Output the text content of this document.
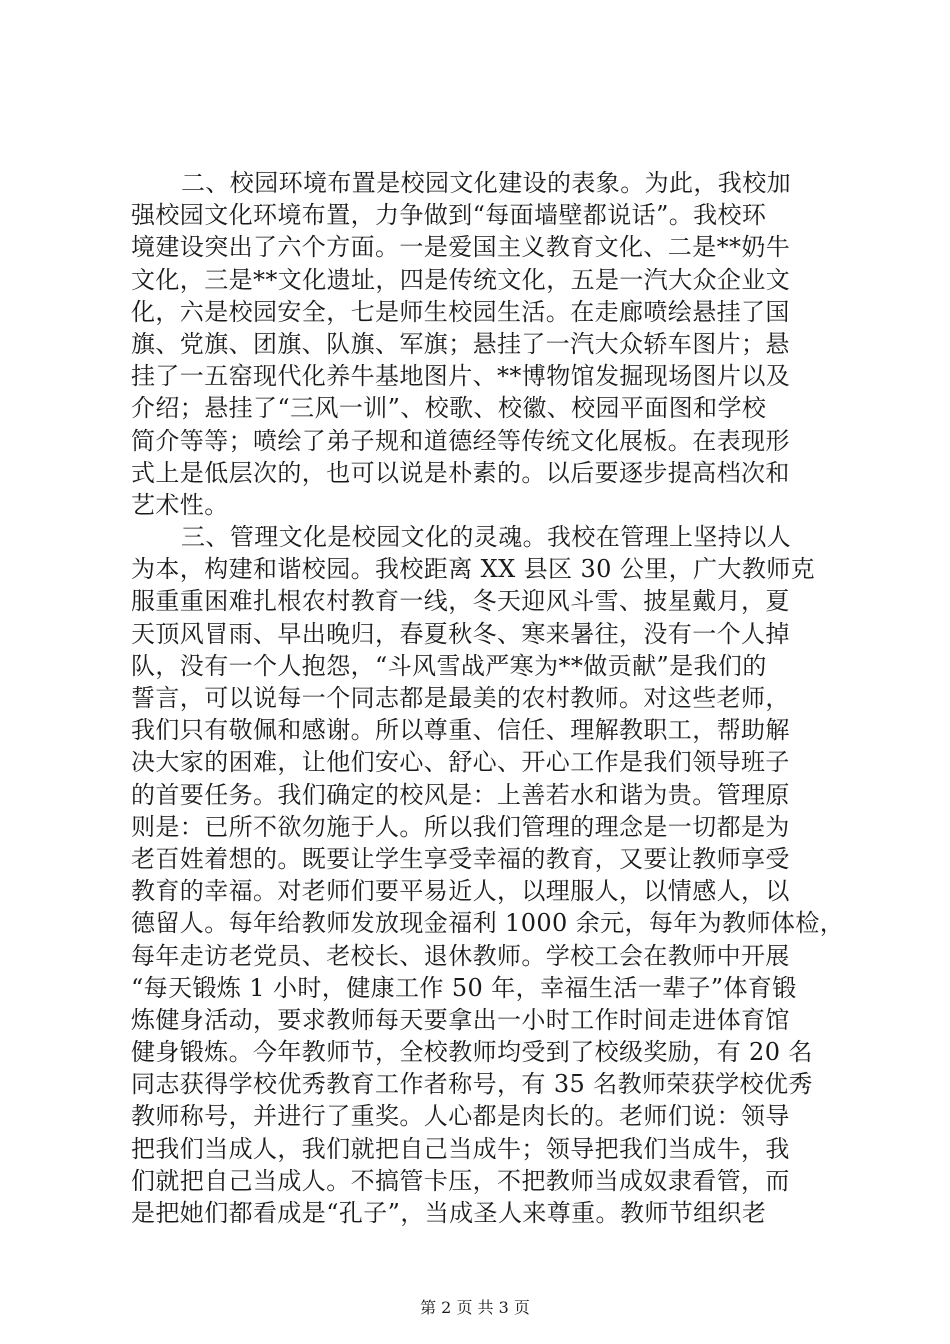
二、校园环境布置是校园文化建设的表象。为此，我校加
强校园文化环境布置，力争做到“每面墙壁都说话”。我校环
境建设突出了六个方面。一是爱国主义教育文化、二是**奶牛
文化，三是**文化遗址，四是传统文化，五是一汽大众企业文
化，六是校园安全，七是师生校园生活。在走廊喷绘悬挂了国
旗、党旗、团旗、队旗、军旗；悬挂了一汽大众轿车图片；悬
挂了一五窑现代化养牛基地图片、**博物馆发掘现场图片以及
介绍；悬挂了“三风一训”、校歌、校徽、校园平面图和学校
简介等等；喷绘了弟子规和道德经等传统文化展板。在表现形
式上是低层次的，也可以说是朴素的。以后要逐步提高档次和
艺术性。
三、管理文化是校园文化的灵魂。我校在管理上坚持以人
为本，构建和谐校园。我校距离 XX 县区 30 公里，广大教师克
服重重困难扎根农村教育一线，冬天迎风斗雪、披星戴月，夏
天顶风冒雨、早出晚归，春夏秋冬、寒来暑往，没有一个人掉
队，没有一个人抱怨，“斗风雪战严寒为**做贡献”是我们的
誓言，可以说每一个同志都是最美的农村教师。对这些老师，
我们只有敬佩和感谢。所以尊重、信任、理解教职工，帮助解
决大家的困难，让他们安心、舒心、开心工作是我们领导班子
的首要任务。我们确定的校风是：上善若水和谐为贵。管理原
则是：已所不欲勿施于人。所以我们管理的理念是一切都是为
老百姓着想的。既要让学生享受幸福的教育，又要让教师享受
教育的幸福。对老师们要平易近人，以理服人，以情感人，以
德留人。每年给教师发放现金福利 1000 余元，每年为教师体检，
每年走访老党员、老校长、退休教师。学校工会在教师中开展
“每天锻炼 1 小时，健康工作 50 年，幸福生活一辈子”体育锻
炼健身活动，要求教师每天要拿出一小时工作时间走进体育馆
健身锻炼。今年教师节，全校教师均受到了校级奖励，有 20 名
同志获得学校优秀教育工作者称号，有 35 名教师荣获学校优秀
教师称号，并进行了重奖。人心都是肉长的。老师们说：领导
把我们当成人，我们就把自己当成牛；领导把我们当成牛，我
们就把自己当成人。不搞管卡压，不把教师当成奴隶看管，而
是把她们都看成是“孔子”，当成圣人来尊重。教师节组织老
第 2 页 共 3 页
